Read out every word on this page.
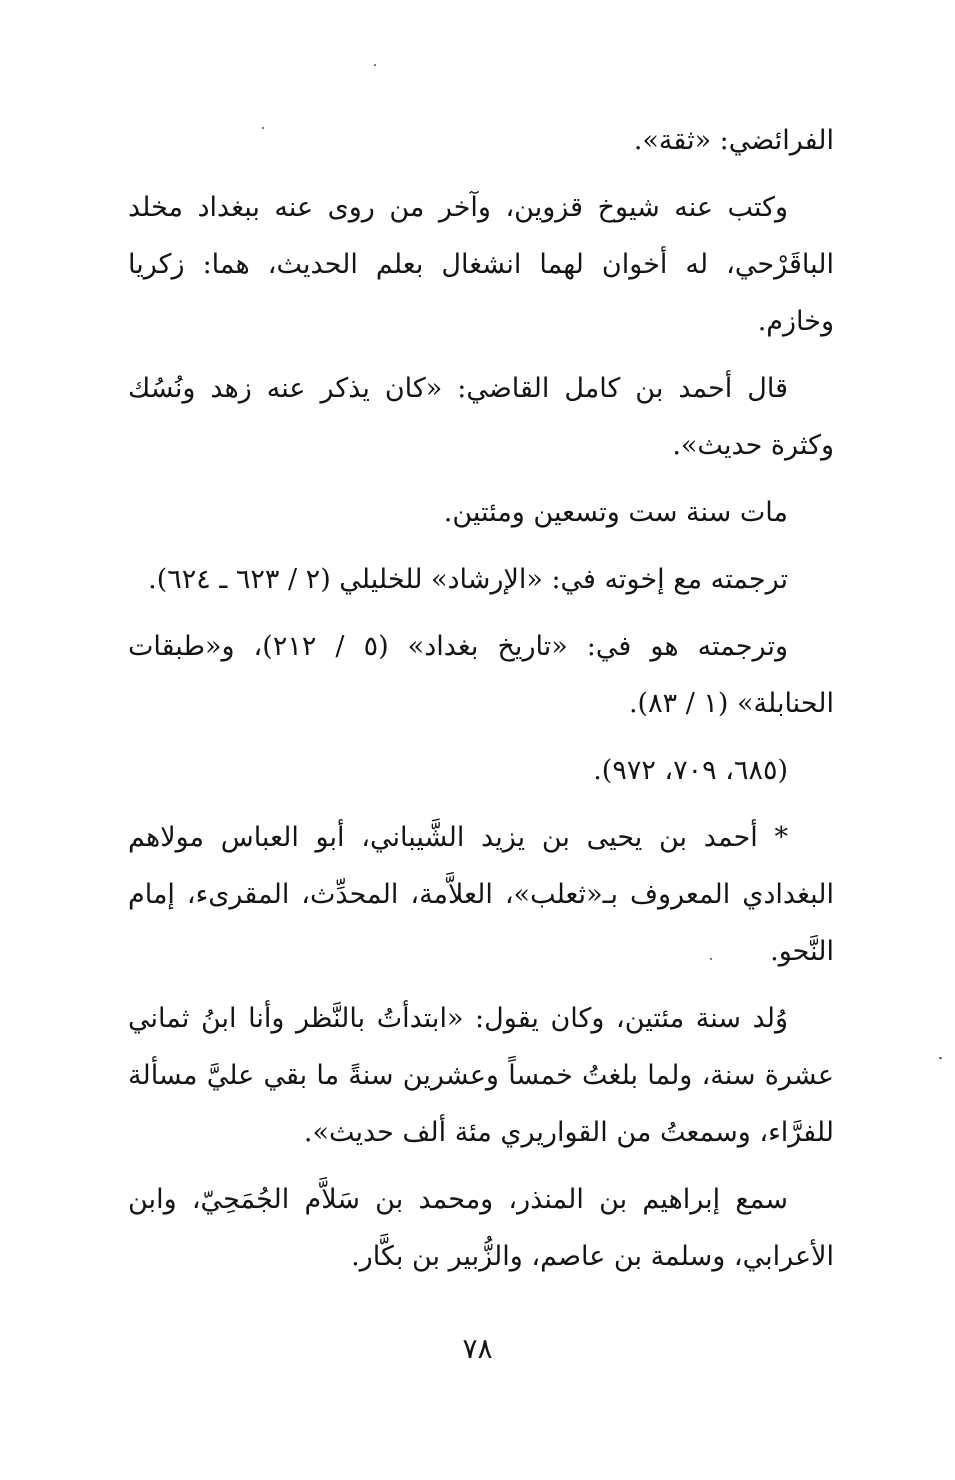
الفرائضي: «ثقة».

وكتب عنه شيوخ قزوين، وآخر من روى عنه ببغداد مخلد الباقَرْحي، له أخوان لهما انشغال بعلم الحديث، هما: زكريا وخازم.

قال أحمد بن كامل القاضي: «كان يذكر عنه زهد ونُسُك وكثرة حديث».

مات سنة ست وتسعين ومئتين.

ترجمته مع إخوته في: «الإرشاد» للخليلي (٢ / ٦٢٣ ـ ٦٢٤).

وترجمته هو في: «تاريخ بغداد» (٥ / ٢١٢)، و«طبقات الحنابلة» (١ / ٨٣).

(٦٨٥، ٧٠٩، ٩٧٢).

* أحمد بن يحيى بن يزيد الشَّيباني، أبو العباس مولاهم البغدادي المعروف بـ«ثعلب»، العلاَّمة، المحدِّث، المقرىء، إمام النَّحو.

وُلد سنة مئتين، وكان يقول: «ابتدأتُ بالنَّظر وأنا ابنُ ثماني عشرة سنة، ولما بلغتُ خمساً وعشرين سنةً ما بقي عليَّ مسألة للفرَّاء، وسمعتُ من القواريري مئة ألف حديث».

سمع إبراهيم بن المنذر، ومحمد بن سَلاَّم الجُمَحِيّ، وابن الأعرابي، وسلمة بن عاصم، والزُّبير بن بكَّار.

٧٨
